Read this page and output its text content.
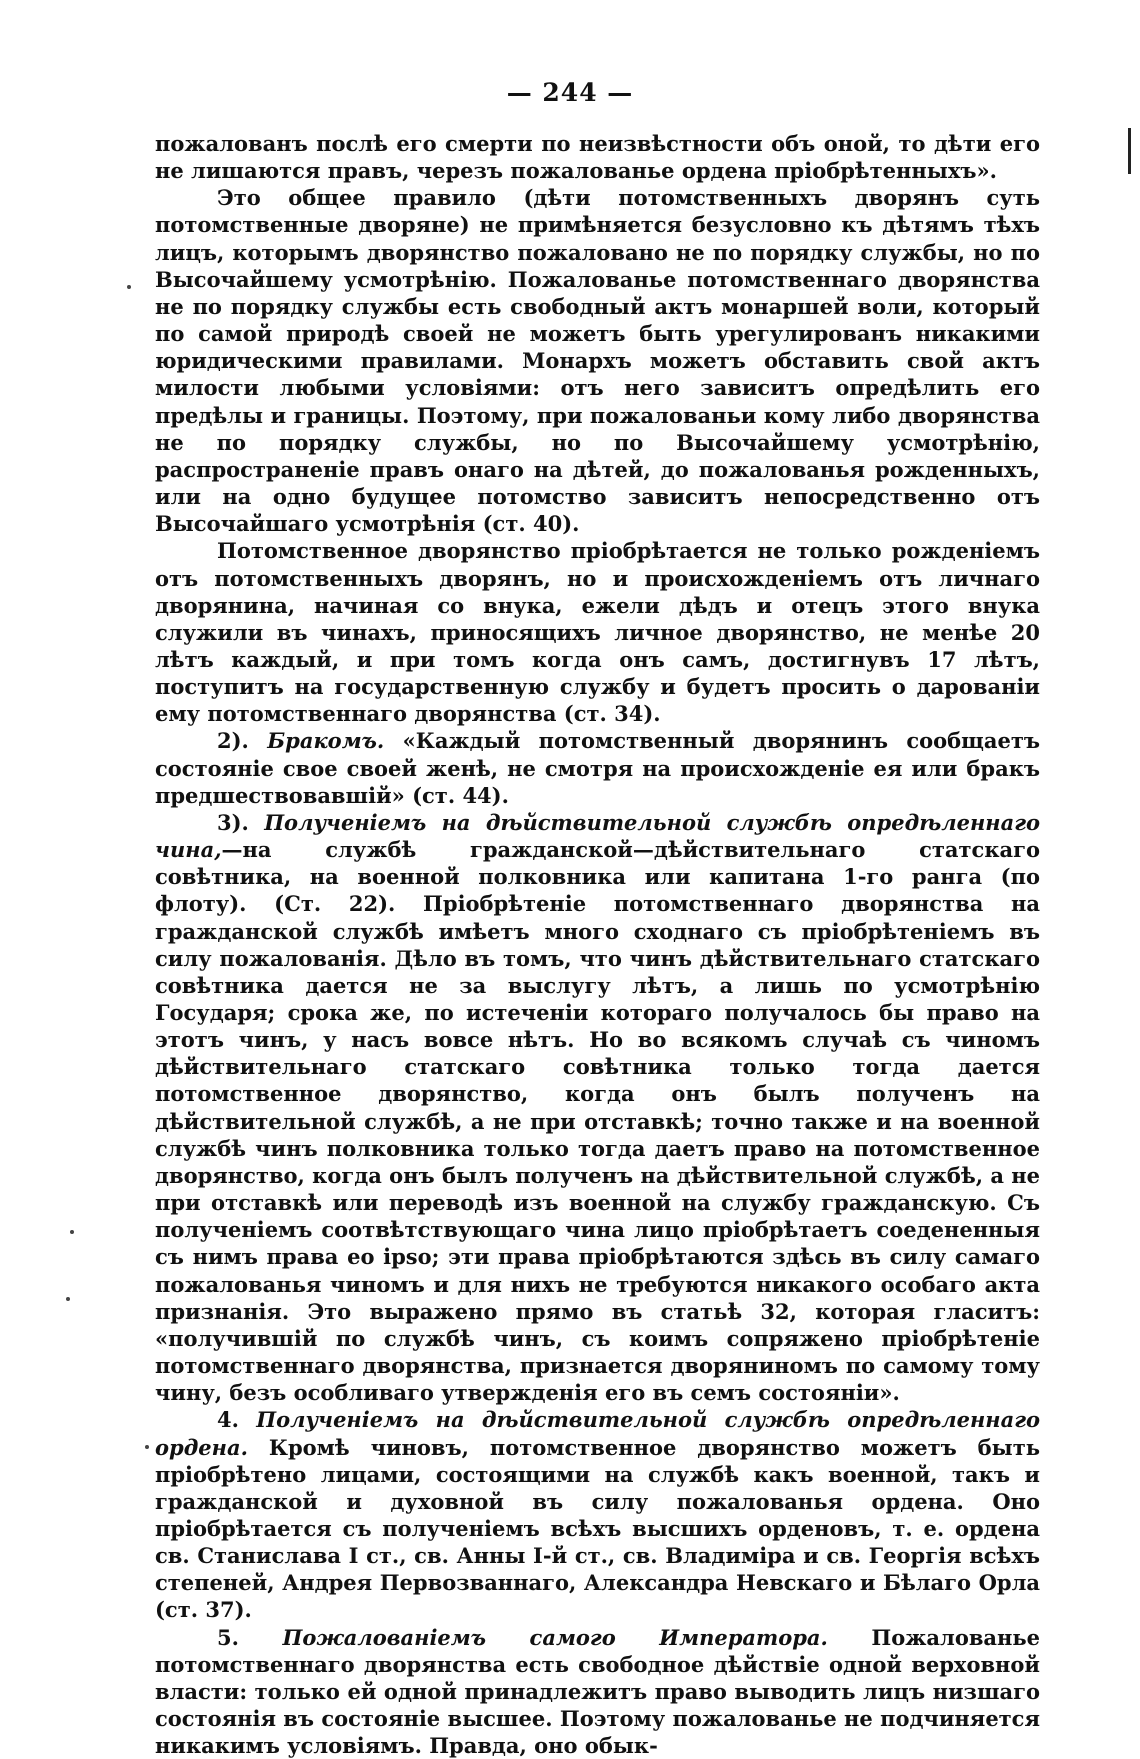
— 244 —

пожалованъ послѣ его смерти по неизвѣстности объ оной, то дѣти его не лишаются правъ, черезъ пожалованье ордена пріобрѣтенныхъ».

Это общее правило (дѣти потомственныхъ дворянъ суть потомственные дворяне) не примѣняется безусловно къ дѣтямъ тѣхъ лицъ, которымъ дворянство пожаловано не по порядку службы, но по Высочайшему усмотрѣнію. Пожалованье потомственнаго дворянства не по порядку службы есть свободный актъ монаршей воли, который по самой природѣ своей не можетъ быть урегулированъ никакими юридическими правилами. Монархъ можетъ обставить свой актъ милости любыми условіями: отъ него зависитъ опредѣлить его предѣлы и границы. Поэтому, при пожалованьи кому либо дворянства не по порядку службы, но по Высочайшему усмотрѣнію, распространеніе правъ онаго на дѣтей, до пожалованья рожденныхъ, или на одно будущее потомство зависитъ непосредственно отъ Высочайшаго усмотрѣнія (ст. 40).

Потомственное дворянство пріобрѣтается не только рожденіемъ отъ потомственныхъ дворянъ, но и происхожденіемъ отъ личнаго дворянина, начиная со внука, ежели дѣдъ и отецъ этого внука служили въ чинахъ, приносящихъ личное дворянство, не менѣе 20 лѣтъ каждый, и при томъ когда онъ самъ, достигнувъ 17 лѣтъ, поступитъ на государственную службу и будетъ просить о дарованіи ему потомственнаго дворянства (ст. 34).

2). Бракомъ. «Каждый потомственный дворянинъ сообщаетъ состояніе свое своей женѣ, не смотря на происхожденіе ея или бракъ предшествовавшій» (ст. 44).

3). Полученіемъ на дѣйствительной службѣ опредѣленнаго чина,—на службѣ гражданской—дѣйствительнаго статскаго совѣтника, на военной полковника или капитана 1-го ранга (по флоту). (Ст. 22). Пріобрѣтеніе потомственнаго дворянства на гражданской службѣ имѣетъ много сходнаго съ пріобрѣтеніемъ въ силу пожалованія. Дѣло въ томъ, что чинъ дѣйствительнаго статскаго совѣтника дается не за выслугу лѣтъ, а лишь по усмотрѣнію Государя; срока же, по истеченіи котораго получалось бы право на этотъ чинъ, у насъ вовсе нѣтъ. Но во всякомъ случаѣ съ чиномъ дѣйствительнаго статскаго совѣтника только тогда дается потомственное дворянство, когда онъ былъ полученъ на дѣйствительной службѣ, а не при отставкѣ; точно также и на военной службѣ чинъ полковника только тогда даетъ право на потомственное дворянство, когда онъ былъ полученъ на дѣйствительной службѣ, а не при отставкѣ или переводѣ изъ военной на службу гражданскую. Съ полученіемъ соотвѣтствующаго чина лицо пріобрѣтаетъ соедененныя съ нимъ права ео ipso; эти права пріобрѣтаются здѣсь въ силу самаго пожалованья чиномъ и для нихъ не требуются никакого особаго акта признанія. Это выражено прямо въ статьѣ 32, которая гласитъ: «получившій по службѣ чинъ, съ коимъ сопряжено пріобрѣтеніе потомственнаго дворянства, признается дворяниномъ по самому тому чину, безъ особливаго утвержденія его въ семъ состояніи».

4. Полученіемъ на дѣйствительной службѣ опредѣленнаго ордена. Кромѣ чиновъ, потомственное дворянство можетъ быть пріобрѣтено лицами, состоящими на службѣ какъ военной, такъ и гражданской и духовной въ силу пожалованья ордена. Оно пріобрѣтается съ полученіемъ всѣхъ высшихъ орденовъ, т. е. ордена св. Станислава I ст., св. Анны I-й ст., св. Владиміра и св. Георгія всѣхъ степеней, Андрея Первозваннаго, Александра Невскаго и Бѣлаго Орла (ст. 37).

5. Пожалованіемъ самого Императора. Пожалованье потомственнаго дворянства есть свободное дѣйствіе одной верховной власти: только ей одной принадлежитъ право выводить лицъ низшаго состоянія въ состояніе высшее. Поэтому пожалованье не подчиняется никакимъ условіямъ. Правда, оно обык-
